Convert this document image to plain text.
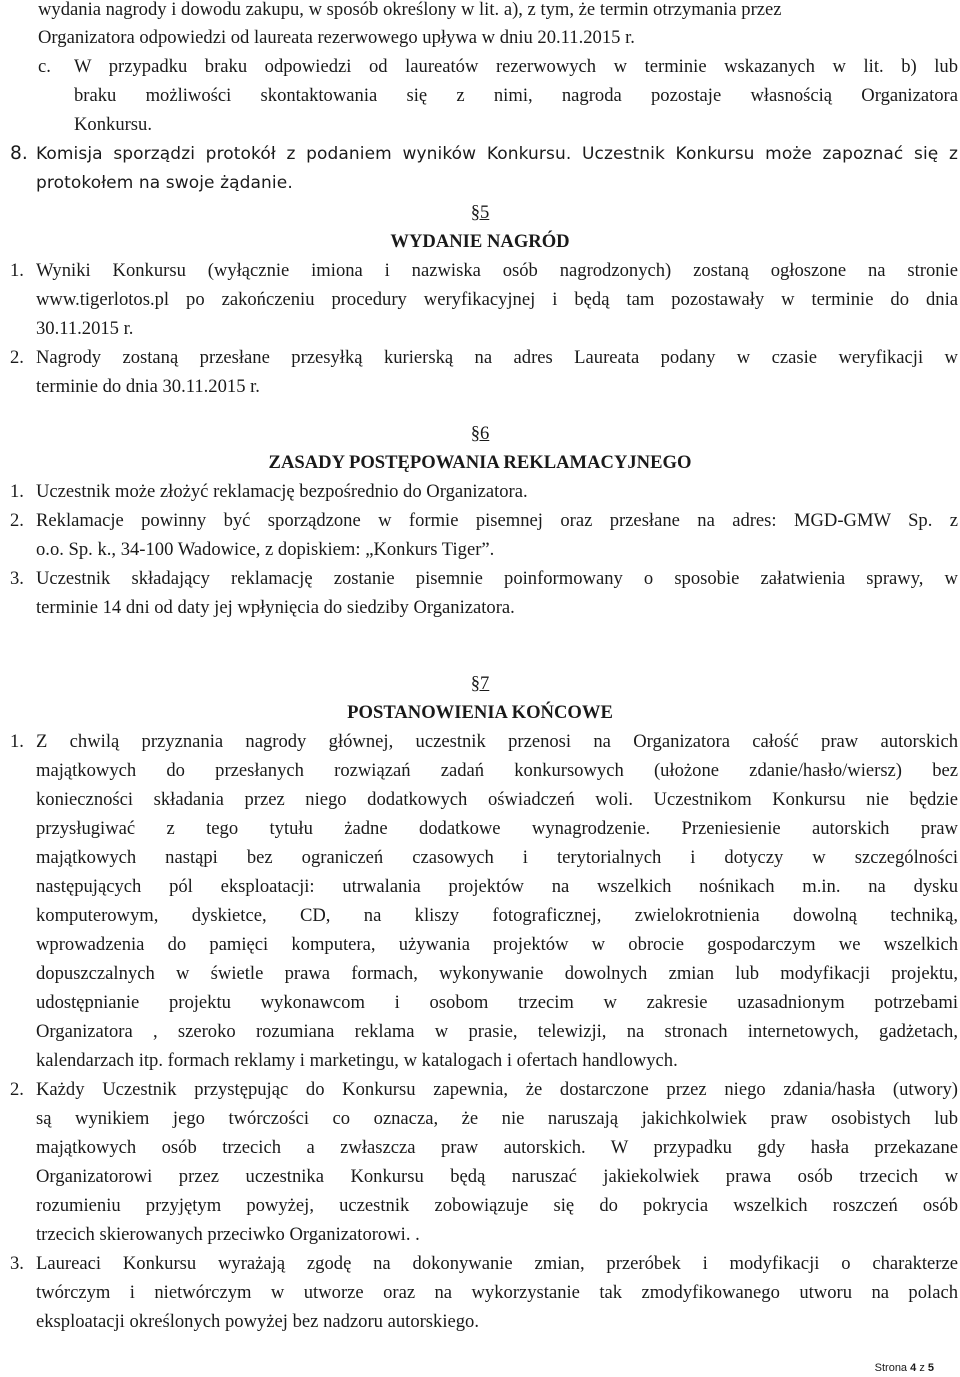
wydania nagrody i dowodu zakupu, w sposób określony w lit. a), z tym, że termin otrzymania przez
Organizatora odpowiedzi od laureata rezerwowego upływa w dniu 20.11.2015 r.
c. W przypadku braku odpowiedzi od laureatów rezerwowych w terminie wskazanych w lit. b) lub
braku możliwości skontaktowania się z nimi, nagroda pozostaje własnością Organizatora
Konkursu.
8. Komisja sporządzi protokół z podaniem wyników Konkursu. Uczestnik Konkursu może zapoznać się z
protokołem na swoje żądanie.
§5
WYDANIE NAGRÓD
1. Wyniki Konkursu (wyłącznie imiona i nazwiska osób nagrodzonych) zostaną ogłoszone na stronie
www.tigerlotos.pl po zakończeniu procedury weryfikacyjnej i będą tam pozostawały w terminie do dnia
30.11.2015 r.
2. Nagrody zostaną przesłane przesyłką kurierską na adres Laureata podany w czasie weryfikacji w
terminie do dnia 30.11.2015 r.
§6
ZASADY POSTĘPOWANIA REKLAMACYJNEGO
1. Uczestnik może złożyć reklamację bezpośrednio do Organizatora.
2. Reklamacje powinny być sporządzone w formie pisemnej oraz przesłane na adres: MGD-GMW Sp. z
o.o. Sp. k., 34-100 Wadowice, z dopiskiem: „Konkurs Tiger”.
3. Uczestnik składający reklamację zostanie pisemnie poinformowany o sposobie załatwienia sprawy, w
terminie 14 dni od daty jej wpłynięcia do siedziby Organizatora.
§7
POSTANOWIENIA KOŃCOWE
1. Z chwilą przyznania nagrody głównej, uczestnik przenosi na Organizatora całość praw autorskich
majątkowych do przesłanych rozwiązań zadań konkursowych (ułożone zdanie/hasło/wiersz) bez
konieczności składania przez niego dodatkowych oświadczeń woli. Uczestnikom Konkursu nie będzie
przysługiwać z tego tytułu żadne dodatkowe wynagrodzenie. Przeniesienie autorskich praw
majątkowych nastąpi bez ograniczeń czasowych i terytorialnych i dotyczy w szczególności
następujących pól eksploatacji: utrwalania projektów na wszelkich nośnikach m.in. na dysku
komputerowym, dyskietce, CD, na kliszy fotograficznej, zwielokrotnienia dowolną techniką,
wprowadzenia do pamięci komputera, używania projektów w obrocie gospodarczym we wszelkich
dopuszczalnych w świetle prawa formach, wykonywanie dowolnych zmian lub modyfikacji projektu,
udostępnianie projektu wykonawcom i osobom trzecim w zakresie uzasadnionym potrzebami
Organizatora , szeroko rozumiana reklama w prasie, telewizji, na stronach internetowych, gadżetach,
kalendarzach itp. formach reklamy i marketingu, w katalogach i ofertach handlowych.
2. Każdy Uczestnik przystępując do Konkursu zapewnia, że dostarczone przez niego zdania/hasła (utwory)
są wynikiem jego twórczości co oznacza, że nie naruszają jakichkolwiek praw osobistych lub
majątkowych osób trzecich a zwłaszcza praw autorskich. W przypadku gdy hasła przekazane
Organizatorowi przez uczestnika Konkursu będą naruszać jakiekolwiek prawa osób trzecich w
rozumieniu przyjętym powyżej, uczestnik zobowiązuje się do pokrycia wszelkich roszczeń osób
trzecich skierowanych przeciwko Organizatorowi. .
3. Laureaci Konkursu wyrażają zgodę na dokonywanie zmian, przeróbek i modyfikacji o charakterze
twórczym i nietwórczym w utworze oraz na wykorzystanie tak zmodyfikowanego utworu na polach
eksploatacji określonych powyżej bez nadzoru autorskiego.
Strona 4 z 5
